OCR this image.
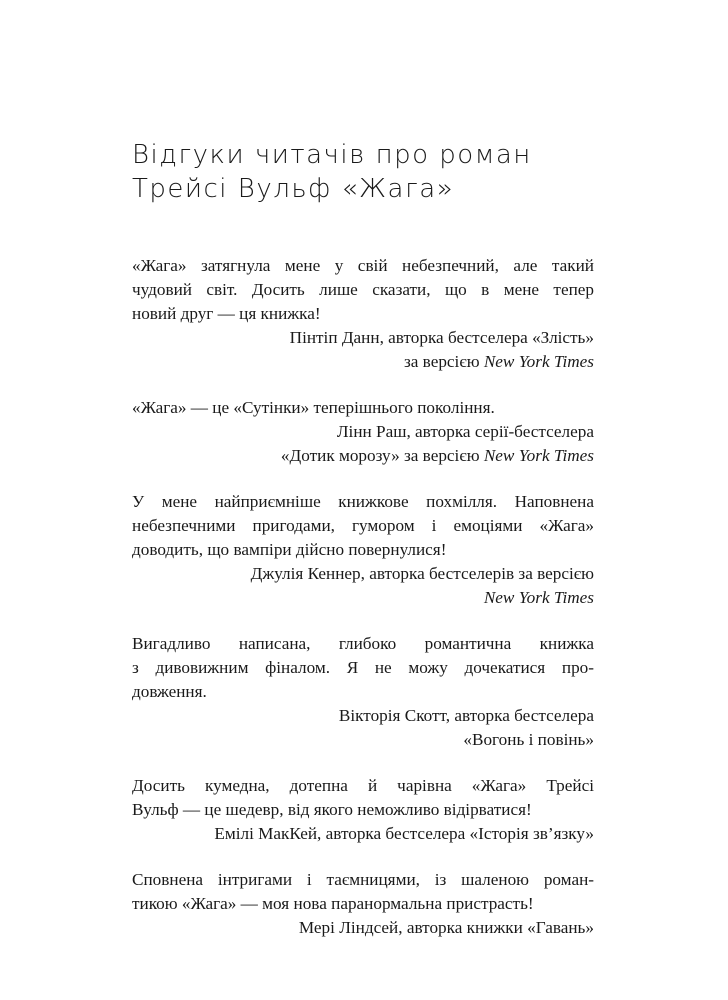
Відгуки читачів про роман
Трейсі Вульф «Жага»

«Жага» затягнула мене у свій небезпечний, але такий
чудовий світ. Досить лише сказати, що в мене тепер
новий друг — ця книжка!

Пінтіп Данн, авторка бестселера «Злість»
за версією New York Times

«Жага» — це «Сутінки» теперішнього покоління.

Лінн Раш, авторка серії-бестселера
«Дотик морозу» за версією New York Times

У мене найприємніше книжкове похмілля. Наповнена
небезпечними пригодами, гумором і емоціями «Жага»
доводить, що вампіри дійсно повернулися!

Джулія Кеннер, авторка бестселерів за версією
New York Times

Вигадливо написана, глибоко романтична книжка
з дивовижним фіналом. Я не можу дочекатися про-
довження.

Вікторія Скотт, авторка бестселера
«Вогонь і повінь»

Досить кумедна, дотепна й чарівна «Жага» Трейсі
Вульф — це шедевр, від якого неможливо відірватися!

Емілі МакКей, авторка бестселера «Історія зв’язку»

Сповнена інтригами і таємницями, із шаленою роман-
тикою «Жага» — моя нова паранормальна пристрасть!

Мері Ліндсей, авторка книжки «Гавань»
